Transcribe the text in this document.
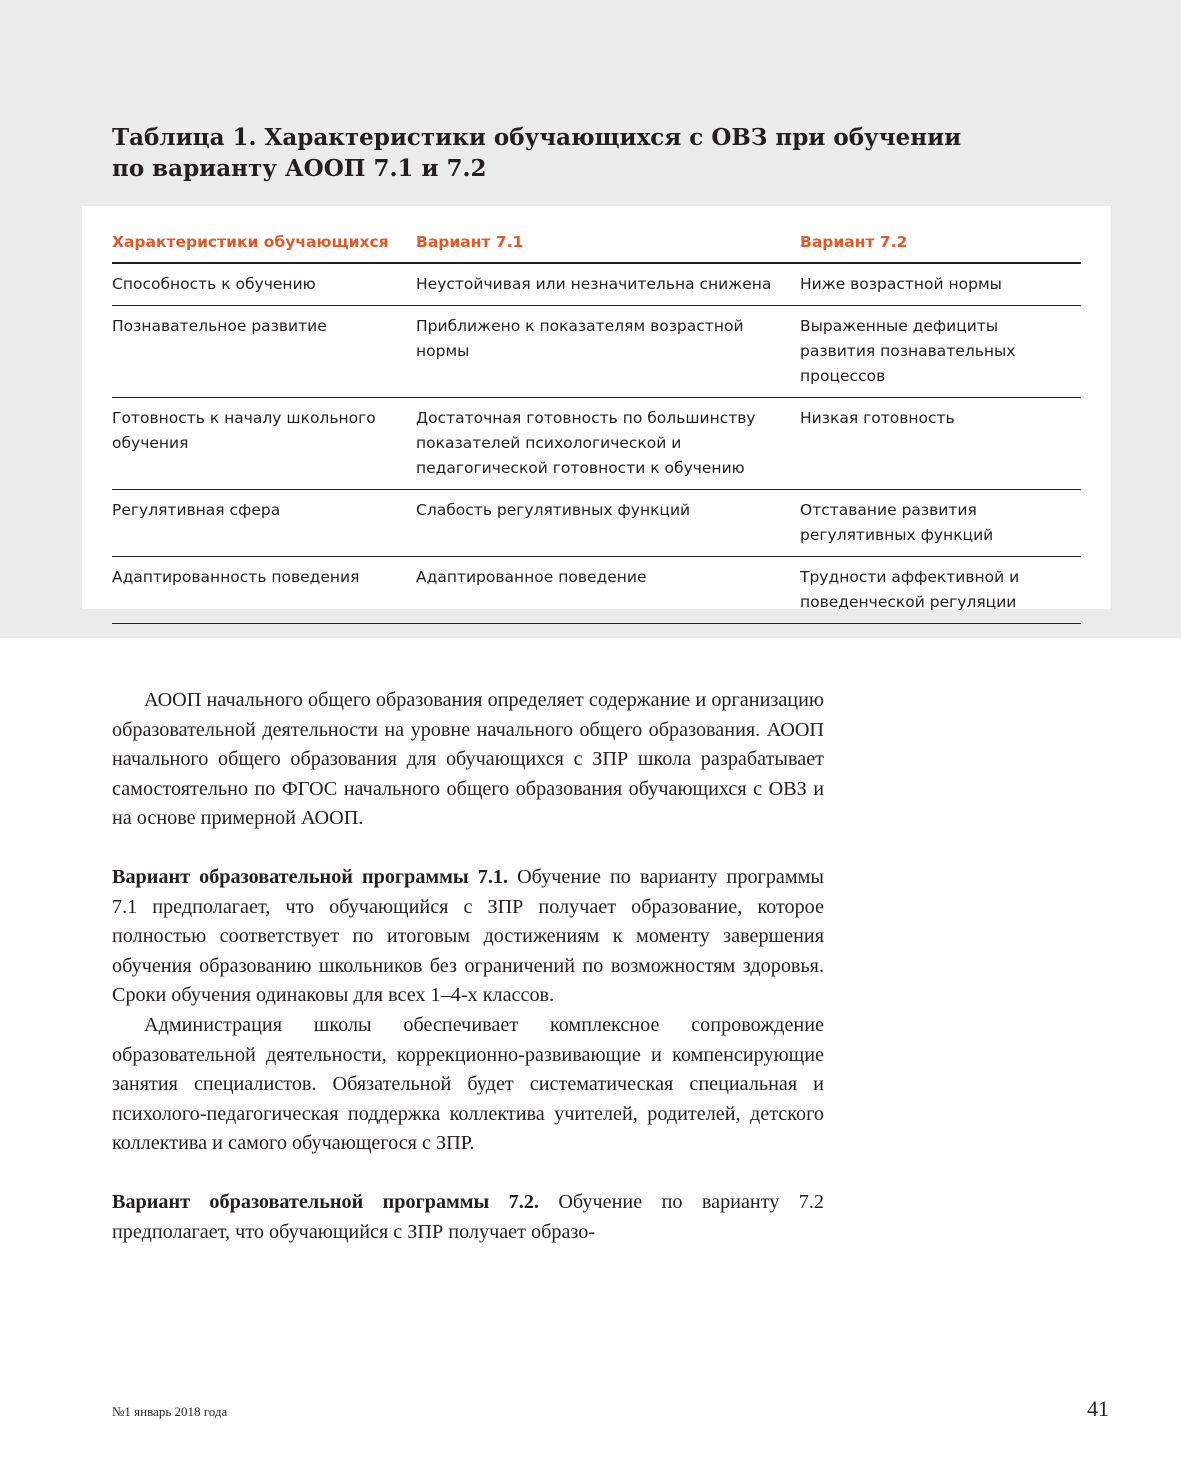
Таблица 1. Характеристики обучающихся с ОВЗ при обучении
по варианту АООП 7.1 и 7.2
Характеристики обучающихся	Вариант 7.1	Вариант 7.2
Способность к обучению	Неустойчивая или незначительна снижена	Ниже возрастной нормы
Познавательное развитие	Приближено к показателям возрастной нормы	Выраженные дефициты развития познавательных процессов
Готовность к началу школьного обучения	Достаточная готовность по большинству показателей психологической и педагогической готовности к обучению	Низкая готовность
Регулятивная сфера	Слабость регулятивных функций	Отставание развития регулятивных функций
Адаптированность поведения	Адаптированное поведение	Трудности аффективной и поведенческой регуляции

АООП начального общего образования определяет содержание и организацию образовательной деятельности на уровне начального общего образования. АООП начального общего образования для обучающихся с ЗПР школа разрабатывает самостоятельно по ФГОС начального общего образования обучающихся с ОВЗ и на основе примерной АООП.

Вариант образовательной программы 7.1. Обучение по варианту программы 7.1 предполагает, что обучающийся с ЗПР получает образование, которое полностью соответствует по итоговым достижениям к моменту завершения обучения образованию школьников без ограничений по возможностям здоровья. Сроки обучения одинаковы для всех 1–4-х классов.

Администрация школы обеспечивает комплексное сопровождение образовательной деятельности, коррекционно-развивающие и компенсирующие занятия специалистов. Обязательной будет систематическая специальная и психолого-педагогическая поддержка коллектива учителей, родителей, детского коллектива и самого обучающегося с ЗПР.

Вариант образовательной программы 7.2. Обучение по варианту 7.2 предполагает, что обучающийся с ЗПР получает образо-

№1 январь 2018 года	41
